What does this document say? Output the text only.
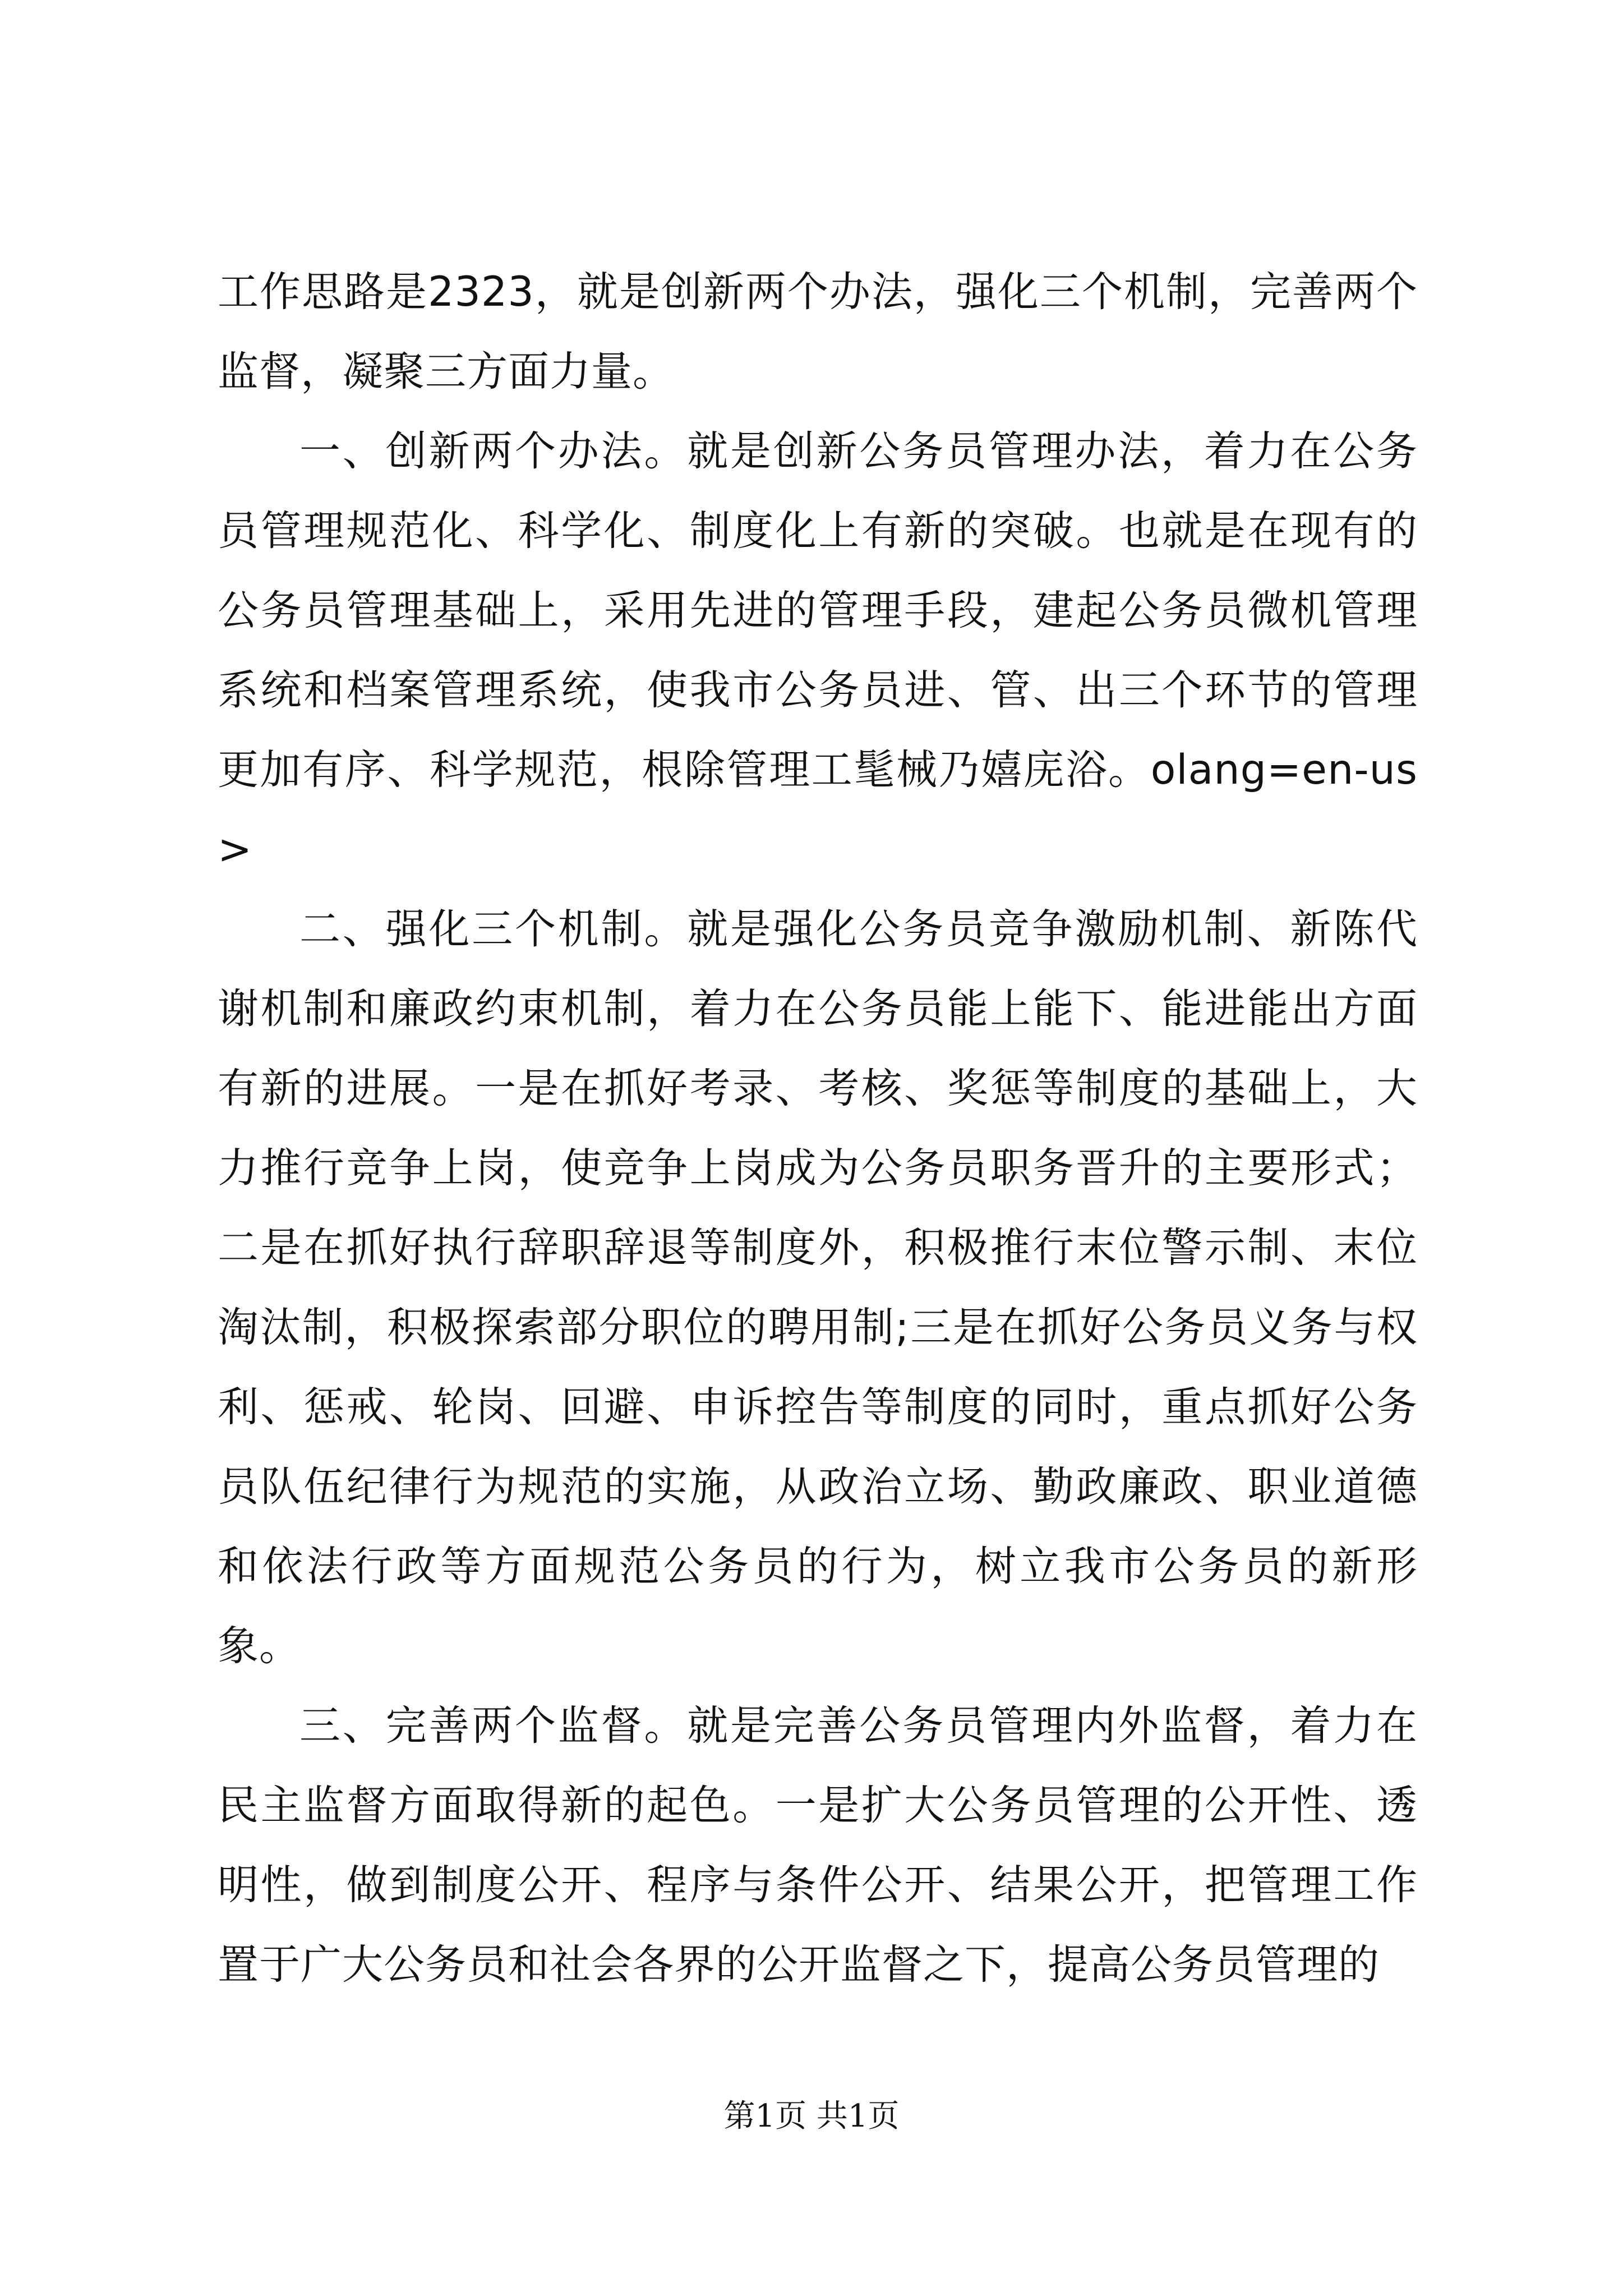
工作思路是2323，就是创新两个办法，强化三个机制，完善两个监督，凝聚三方面力量。

一、创新两个办法。就是创新公务员管理办法，着力在公务员管理规范化、科学化、制度化上有新的突破。也就是在现有的公务员管理基础上，采用先进的管理手段，建起公务员微机管理系统和档案管理系统，使我市公务员进、管、出三个环节的管理更加有序、科学规范，根除管理工髦械乃嬉庑浴。olang=en-us>

二、强化三个机制。就是强化公务员竞争激励机制、新陈代谢机制和廉政约束机制，着力在公务员能上能下、能进能出方面有新的进展。一是在抓好考录、考核、奖惩等制度的基础上，大力推行竞争上岗，使竞争上岗成为公务员职务晋升的主要形式；二是在抓好执行辞职辞退等制度外，积极推行末位警示制、末位淘汰制，积极探索部分职位的聘用制;三是在抓好公务员义务与权利、惩戒、轮岗、回避、申诉控告等制度的同时，重点抓好公务员队伍纪律行为规范的实施，从政治立场、勤政廉政、职业道德和依法行政等方面规范公务员的行为，树立我市公务员的新形象。

三、完善两个监督。就是完善公务员管理内外监督，着力在民主监督方面取得新的起色。一是扩大公务员管理的公开性、透明性，做到制度公开、程序与条件公开、结果公开，把管理工作置于广大公务员和社会各界的公开监督之下，提高公务员管理的

第1页 共1页
